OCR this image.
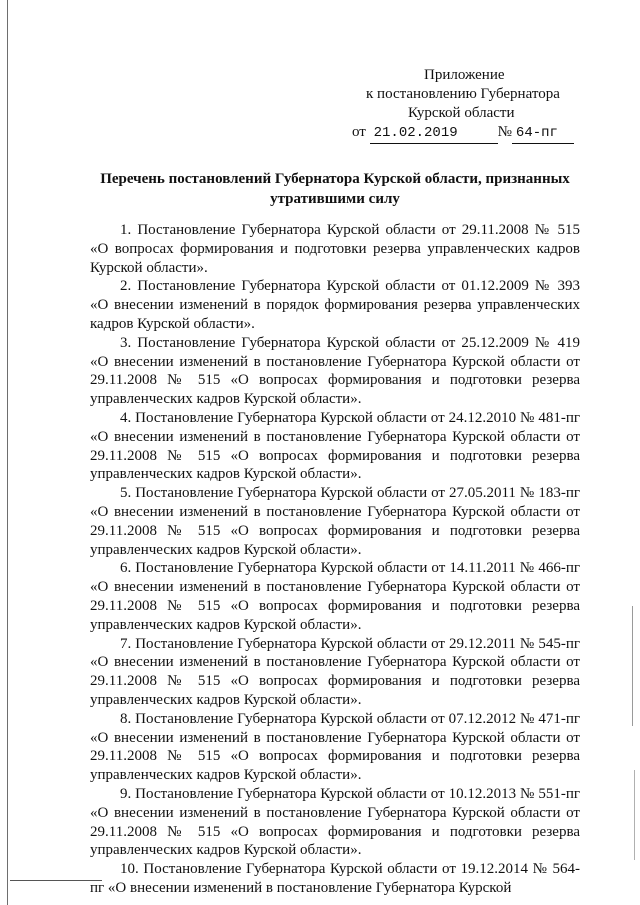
Приложение
к постановлению Губернатора
Курской области
от 21.02.2019	№ 64-пг
Перечень постановлений Губернатора Курской области, признанных утратившими силу

1. Постановление Губернатора Курской области от 29.11.2008 № 515 «О вопросах формирования и подготовки резерва управленческих кадров Курской области».

2. Постановление Губернатора Курской области от 01.12.2009 № 393 «О внесении изменений в порядок формирования резерва управленческих кадров Курской области».

3. Постановление Губернатора Курской области от 25.12.2009 № 419 «О внесении изменений в постановление Губернатора Курской области от 29.11.2008 № 515 «О вопросах формирования и подготовки резерва управленческих кадров Курской области».

4. Постановление Губернатора Курской области от 24.12.2010 № 481-пг «О внесении изменений в постановление Губернатора Курской области от 29.11.2008 № 515 «О вопросах формирования и подготовки резерва управленческих кадров Курской области».

5. Постановление Губернатора Курской области от 27.05.2011 № 183-пг «О внесении изменений в постановление Губернатора Курской области от 29.11.2008 № 515 «О вопросах формирования и подготовки резерва управленческих кадров Курской области».

6. Постановление Губернатора Курской области от 14.11.2011 № 466-пг «О внесении изменений в постановление Губернатора Курской области от 29.11.2008 № 515 «О вопросах формирования и подготовки резерва управленческих кадров Курской области».

7. Постановление Губернатора Курской области от 29.12.2011 № 545-пг «О внесении изменений в постановление Губернатора Курской области от 29.11.2008 № 515 «О вопросах формирования и подготовки резерва управленческих кадров Курской области».

8. Постановление Губернатора Курской области от 07.12.2012 № 471-пг «О внесении изменений в постановление Губернатора Курской области от 29.11.2008 № 515 «О вопросах формирования и подготовки резерва управленческих кадров Курской области».

9. Постановление Губернатора Курской области от 10.12.2013 № 551-пг «О внесении изменений в постановление Губернатора Курской области от 29.11.2008 № 515 «О вопросах формирования и подготовки резерва управленческих кадров Курской области».

10. Постановление Губернатора Курской области от 19.12.2014 № 564-пг «О внесении изменений в постановление Губернатора Курской
